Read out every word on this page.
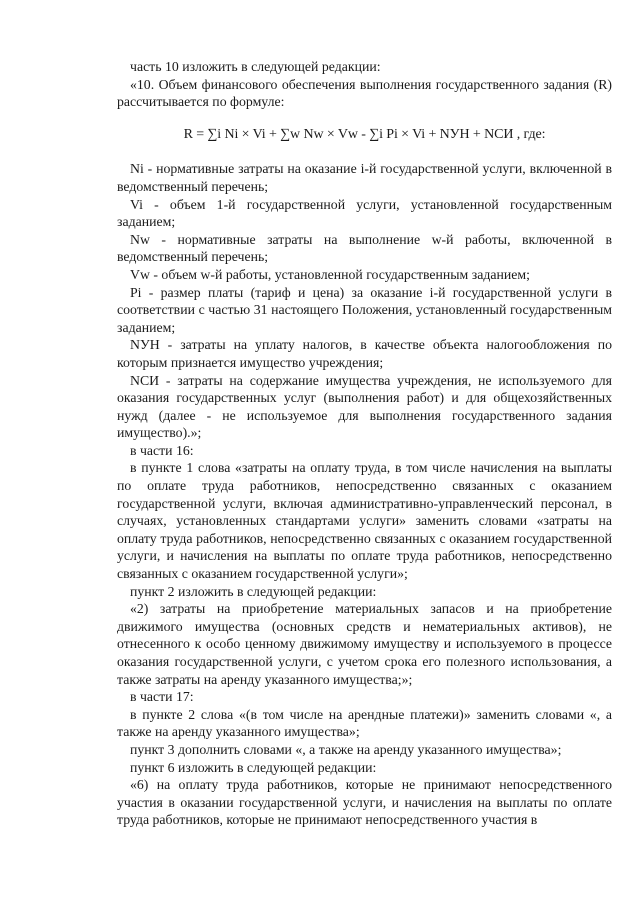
часть 10 изложить в следующей редакции:

«10. Объем финансового обеспечения выполнения государственного задания (R) рассчитывается по формуле:

R = ∑i Ni × Vi + ∑w Nw × Vw - ∑i Pi × Vi + NУН + NСИ , где:

Ni - нормативные затраты на оказание i-й государственной услуги, включенной в ведомственный перечень;

Vi - объем 1-й государственной услуги, установленной государственным заданием;

Nw - нормативные затраты на выполнение w-й работы, включенной в ведомственный перечень;

Vw - объем w-й работы, установленной государственным заданием;

Pi - размер платы (тариф и цена) за оказание i-й государственной услуги в соответствии с частью 31 настоящего Положения, установленный государственным заданием;

NУН - затраты на уплату налогов, в качестве объекта налогообложения по которым признается имущество учреждения;

NСИ - затраты на содержание имущества учреждения, не используемого для оказания государственных услуг (выполнения работ) и для общехозяйственных нужд (далее - не используемое для выполнения государственного задания имущество).»;

в части 16:

в пункте 1 слова «затраты на оплату труда, в том числе начисления на выплаты по оплате труда работников, непосредственно связанных с оказанием государственной услуги, включая административно-управленческий персонал, в случаях, установленных стандартами услуги» заменить словами «затраты на оплату труда работников, непосредственно связанных с оказанием государственной услуги, и начисления на выплаты по оплате труда работников, непосредственно связанных с оказанием государственной услуги»;

пункт 2 изложить в следующей редакции:

«2) затраты на приобретение материальных запасов и на приобретение движимого имущества (основных средств и нематериальных активов), не отнесенного к особо ценному движимому имуществу и используемого в процессе оказания государственной услуги, с учетом срока его полезного использования, а также затраты на аренду указанного имущества;»;

в части 17:

в пункте 2 слова «(в том числе на арендные платежи)» заменить словами «, а также на аренду указанного имущества»;

пункт 3 дополнить словами «, а также на аренду указанного имущества»;

пункт 6 изложить в следующей редакции:

«6) на оплату труда работников, которые не принимают непосредственного участия в оказании государственной услуги, и начисления на выплаты по оплате труда работников, которые не принимают непосредственного участия в
